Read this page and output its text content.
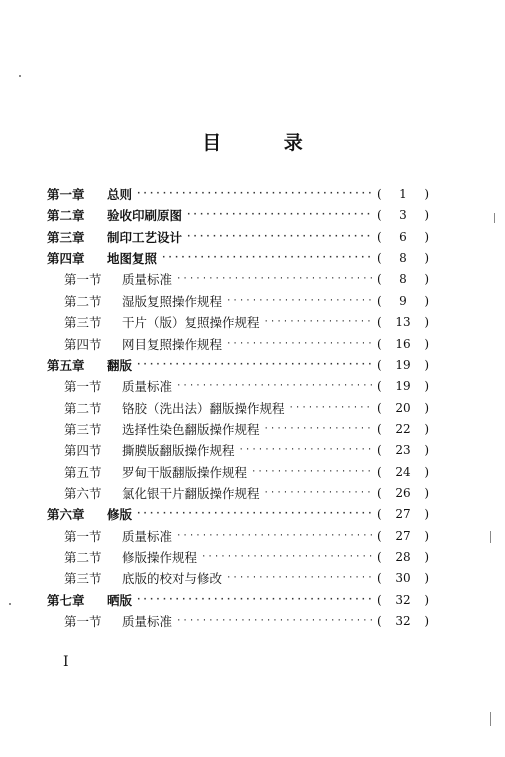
目 录
第一章	总则 ·····	(	1	)
第二章	验收印刷原图 ·····	(	3	)
第三章	制印工艺设计 ·····	(	6	)
第四章	地图复照 ·····	(	8	)
第一节	质量标准 ·····	(	8	)
第二节	湿版复照操作规程 ·····	(	9	)
第三节	干片（版）复照操作规程 ·····	(	13	)
第四节	网目复照操作规程 ·····	(	16	)
第五章	翻版 ·····	(	19	)
第一节	质量标准 ·····	(	19	)
第二节	铬胶（洗出法）翻版操作规程 ·····	(	20	)
第三节	选择性染色翻版操作规程 ·····	(	22	)
第四节	撕膜版翻版操作规程 ·····	(	23	)
第五节	罗甸干版翻版操作规程 ·····	(	24	)
第六节	氯化银干片翻版操作规程 ·····	(	26	)
第六章	修版 ·····	(	27	)
第一节	质量标准 ·····	(	27	)
第二节	修版操作规程 ·····	(	28	)
第三节	底版的校对与修改 ·····	(	30	)
第七章	晒版 ·····	(	32	)
第一节	质量标准 ·····	(	32	)
I
